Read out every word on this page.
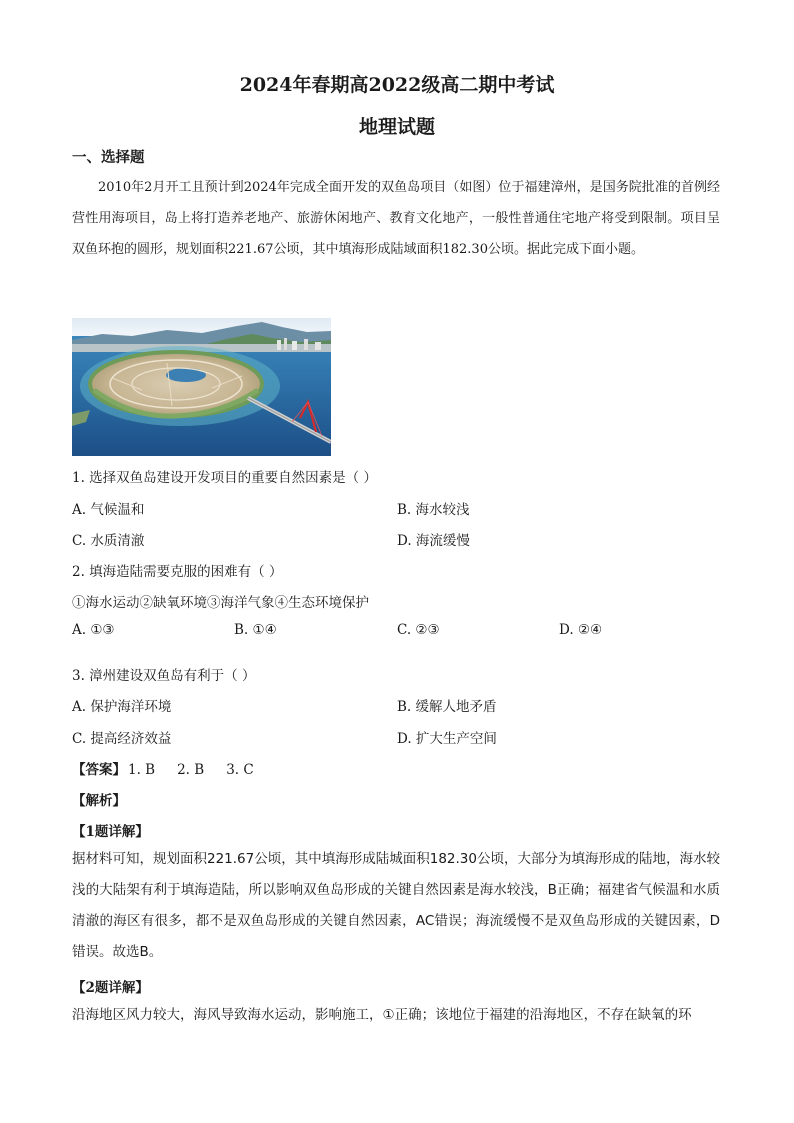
2024年春期高2022级高二期中考试
地理试题
一、选择题
2010年2月开工且预计到2024年完成全面开发的双鱼岛项目（如图）位于福建漳州，是国务院批准的首例经营性用海项目，岛上将打造养老地产、旅游休闲地产、教育文化地产，一般性普通住宅地产将受到限制。项目呈双鱼环抱的圆形，规划面积221.67公顷，其中填海形成陆域面积182.30公顷。据此完成下面小题。
1. 选择双鱼岛建设开发项目的重要自然因素是（ ）
A. 气候温和	B. 海水较浅
C. 水质清澈	D. 海流缓慢
2. 填海造陆需要克服的困难有（ ）
①海水运动②缺氧环境③海洋气象④生态环境保护
A. ①③	B. ①④	C. ②③	D. ②④
3. 漳州建设双鱼岛有利于（ ）
A. 保护海洋环境	B. 缓解人地矛盾
C. 提高经济效益	D. 扩大生产空间
【答案】 1. B 2. B 3. C
【解析】
【1题详解】
据材料可知，规划面积221.67公顷，其中填海形成陆城面积182.30公顷，大部分为填海形成的陆地，海水较浅的大陆架有利于填海造陆，所以影响双鱼岛形成的关键自然因素是海水较浅，B正确；福建省气候温和水质清澈的海区有很多，都不是双鱼岛形成的关键自然因素，AC错误；海流缓慢不是双鱼岛形成的关键因素，D错误。故选B。
【2题详解】
沿海地区风力较大，海风导致海水运动，影响施工，①正确；该地位于福建的沿海地区，不存在缺氧的环
